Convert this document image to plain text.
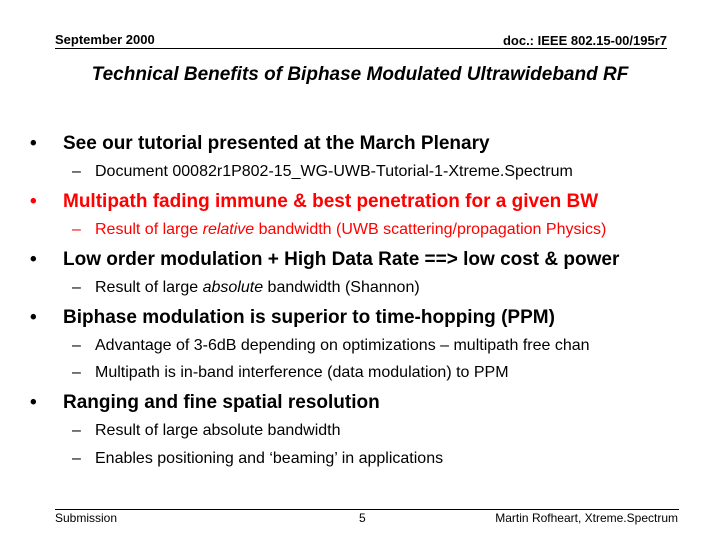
September 2000	doc.: IEEE 802.15-00/195r7
Technical Benefits of Biphase Modulated Ultrawideband RF
• See our tutorial presented at the March Plenary
– Document 00082r1P802-15_WG-UWB-Tutorial-1-Xtreme.Spectrum
• Multipath fading immune & best penetration for a given BW
– Result of large relative bandwidth (UWB scattering/propagation Physics)
• Low order modulation + High Data Rate ==> low cost & power
– Result of large absolute bandwidth (Shannon)
• Biphase modulation is superior to time-hopping (PPM)
– Advantage of 3-6dB depending on optimizations – multipath free chan
– Multipath is in-band interference (data modulation) to PPM
• Ranging and fine spatial resolution
– Result of large absolute bandwidth
– Enables positioning and ‘beaming’ in applications
Submission	5	Martin Rofheart, Xtreme.Spectrum
